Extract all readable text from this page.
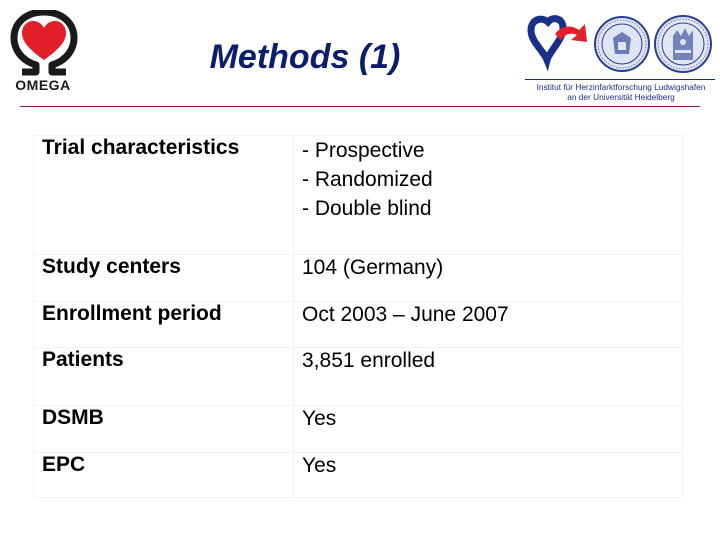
OMEGA
Methods (1)
Institut für Herzinfarktforschung Ludwigshafen
an der Universität Heidelberg
Trial characteristics	- Prospective
- Randomized
- Double blind

Study centers	104 (Germany)

Enrollment period	Oct 2003 – June 2007

Patients	3,851 enrolled

DSMB	Yes

EPC	Yes
